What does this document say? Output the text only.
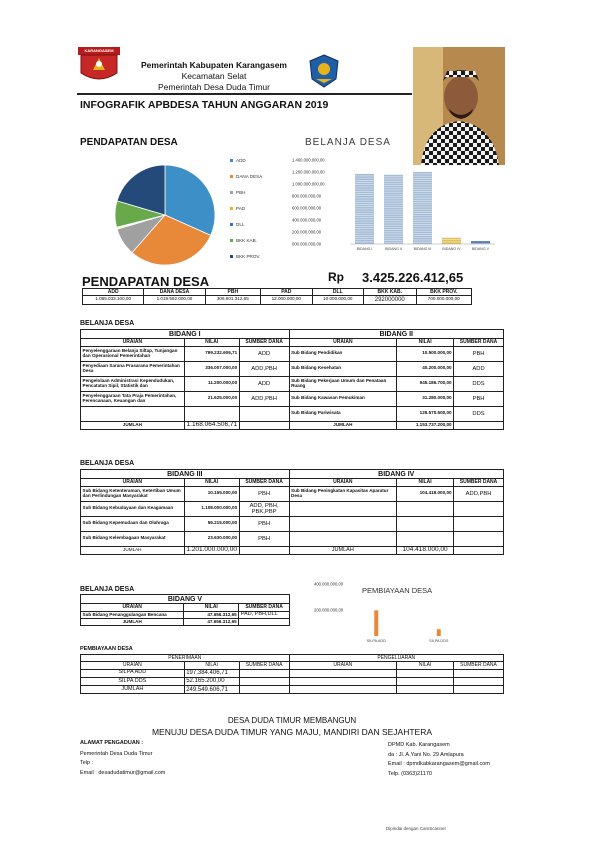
KARANGASEM
Pemerintah Kabupaten Karangasem
Kecamatan Selat
Pemerintah Desa Duda Timur
INFOGRAFIK APBDESA TAHUN ANGGARAN 2019
PENDAPATAN DESA
ADD
DANA DESA
PBH
PAD
DLL
BKK KAB.
BKK PROV.
BELANJA DESA
1.400.000.000,00
1.200.000.000,00
1.000.000.000,00
800.000.000,00
600.000.000,00
400.000.000,00
200.000.000,00
000.000.000,00
BIDANG I	BIDANG II	BIDANG III	BIDANG IV	BIDANG V
PENDAPATAN DESA	Rp 3.425.226.412,65
ADD	DANA DESA	PBH	PAD	DLL	BKK KAB.	BKK PROV.
1.085.033.100,00	1.019.592.000,00	306.601.312,65	12.000.000,00	10.000.000,00	292000000	700.000.000,00
BELANJA DESA
BIDANG I			BIDANG II		
URAIAN	NILAI	SUMBER DANA	URAIAN	NILAI	SUMBER DANA
Penyelenggaraan Belanja Siltap, Tunjangan dan Operasional Pemerintahan	799.232.606,71	ADD	Sub Bidang Pendidikan	10.500.000,00	PBH
Penyediaan Sarana Prasarana Pemerintahan Desa	336.007.000,00	ADD,PBH	Sub Bidang Kesehatan	40.200.000,00	ADD
Pengelolaan Administrasi Kependudukan, Pencatatan Sipil, Statistik dan	11.200.000,00	ADD	Sub Bidang Pekerjaan Umum dan Penataan Ruang	945.186.700,00	DDS
Penyelenggaraan Tata Praja Pemerintahan, Perencanaan, Keuangan dan	21.625.000,00	ADD,PBH	Sub Bidang Kawasan Pemukiman	31.280.000,00	PBH
			Sub Bidang Pariwisata	126.570.500,00	DDS
JUMLAH	1.168.064.506,71		JUMLAH	1.153.737.200,00	
BELANJA DESA
BIDANG III			BIDANG IV		
URAIAN	NILAI	SUMBER DANA	URAIAN	NILAI	SUMBER DANA
Sub Bidang Ketenteraman, Ketertiban Umum dan Perlindungan Masyarakat	10.155.000,00	PBH	Sub Bidang Peningkatan Kapasitas Aparatur Desa	104.418.000,00	ADD,PBH
Sub Bidang Kebudayaan dan Keagamaan	1.108.000.000,00	ADD, PBH, PBK,PBP			
Sub Bidang Kepemudaan dan Olahraga	59.215.000,00	PBH			
Sub Bidang Kelembagaan Masyarakat	23.630.000,00	PBH			
JUMLAH	1.201.000.000,00		JUMLAH	104.418.000,00	
BELANJA DESA
BIDANG V		
URAIAN	NILAI	SUMBER DANA
Sub Bidang Penanggulangan Bencana	47.656.312,65	PAD, PBH,DLL
JUMLAH	47.656.312,65	
400.000.000,00
200.000.000,00
SILPA ADD	SILPA DDS
PEMBIAYAAN DESA
PEMBIAYAAN DESA
PENERIMAAN			PENGELUARAN		
URAIAN	NILAI	SUMBER DANA	URAIAN	NILAI	SUMBER DANA
SILPA ADD	197.384.406,71				
SILPA DDS	52.165.200,00				
JUMLAH	249.549.606,71				
DESA DUDA TIMUR MEMBANGUN
MENUJU DESA DUDA TIMUR YANG MAJU, MANDIRI DAN SEJAHTERA
ALAMAT PENGADUAN :
Pemerintah Desa Duda Timur
Telp :
Email : desadudatimur@gmail.com
DPMD Kab. Karangasem
da : Jl. A.Yani No. 29 Amlapura
Email : dpmdkabkarangasem@gmail.com
Telp. (0363)21170
Dipindai dengan CamScanner
